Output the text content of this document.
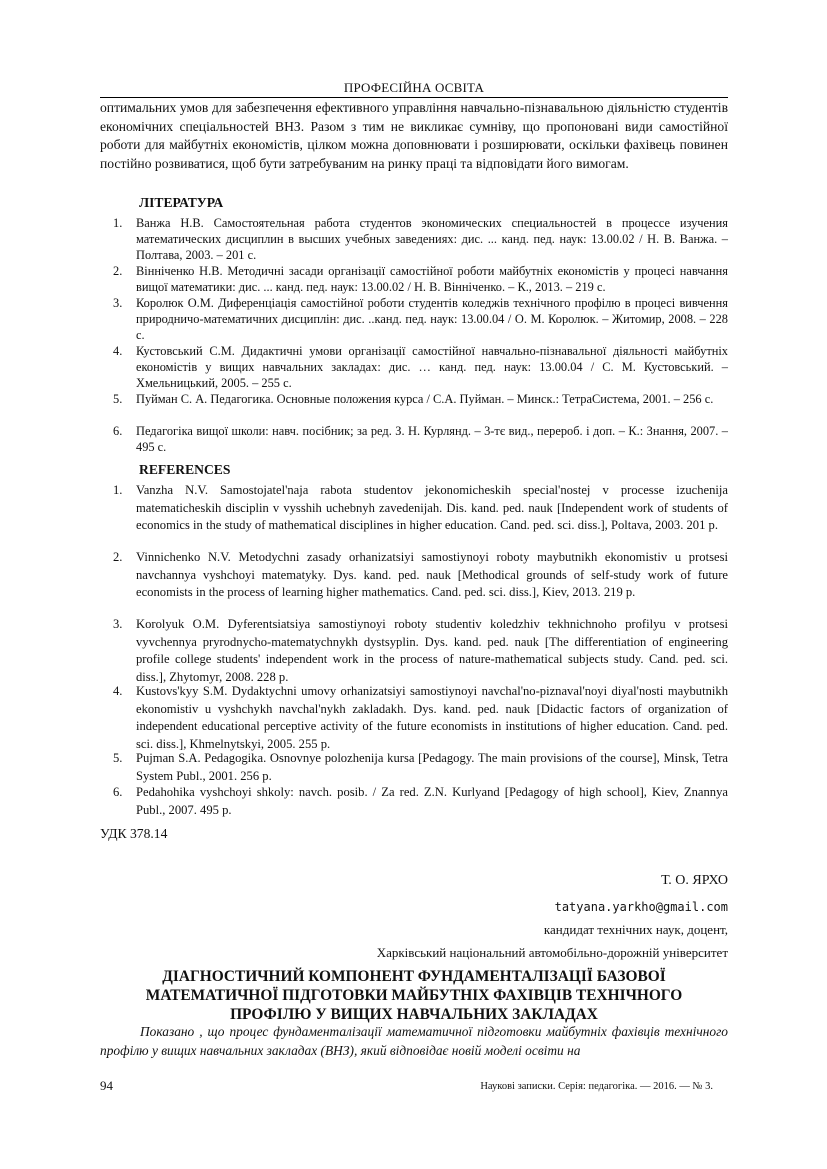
ПРОФЕСІЙНА ОСВІТА
оптимальних умов для забезпечення ефективного управління навчально-пізнавальною діяльністю студентів економічних спеціальностей ВНЗ. Разом з тим не викликає сумніву, що пропоновані види самостійної роботи для майбутніх економістів, цілком можна доповнювати і розширювати, оскільки фахівець повинен постійно розвиватися, щоб бути затребуваним на ринку праці та відповідати його вимогам.
ЛІТЕРАТУРА
1. Ванжа Н.В. Самостоятельная работа студентов экономических специальностей в процессе изучения математических дисциплин в высших учебных заведениях: дис. ... канд. пед. наук: 13.00.02 / Н. В. Ванжа. – Полтава, 2003. – 201 с.
2. Вінніченко Н.В. Методичні засади організації самостійної роботи майбутніх економістів у процесі навчання вищої математики: дис. ... канд. пед. наук: 13.00.02 / Н. В. Вінніченко. – К., 2013. – 219 с.
3. Королюк О.М. Диференціація самостійної роботи студентів коледжів технічного профілю в процесі вивчення природничо-математичних дисциплін: дис. ..канд. пед. наук: 13.00.04 / О. М. Королюк. – Житомир, 2008. – 228 с.
4. Кустовський С.М. Дидактичні умови організації самостійної навчально-пізнавальної діяльності майбутніх економістів у вищих навчальних закладах: дис. … канд. пед. наук: 13.00.04 / С. М. Кустовський. – Хмельницький, 2005. – 255 с.
5. Пуйман С. А. Педагогика. Основные положения курса / С.А. Пуйман. – Минск.: ТетраСистема, 2001. – 256 с.
6. Педагогіка вищої школи: навч. посібник; за ред. З. Н. Курлянд. – 3-тє вид., перероб. і доп. – К.: Знання, 2007. – 495 с.
REFERENCES
1. Vanzha N.V. Samostojatel'naja rabota studentov jekonomicheskih special'nostej v processe izuchenija matematicheskih disciplin v vysshih uchebnyh zavedenijah. Dis. kand. ped. nauk [Independent work of students of economics in the study of mathematical disciplines in higher education. Cand. ped. sci. diss.], Poltava, 2003. 201 p.
2. Vinnichenko N.V. Metodychni zasady orhanizatsiyi samostiynoyi roboty maybutnikh ekonomistiv u protsesi navchannya vyshchoyi matematyky. Dys. kand. ped. nauk [Methodical grounds of self-study work of future economists in the process of learning higher mathematics. Cand. ped. sci. diss.], Kiev, 2013. 219 p.
3. Korolyuk O.M. Dyferentsiatsiya samostiynoyi roboty studentiv koledzhiv tekhnichnoho profilyu v protsesi vyvchennya pryrodnycho-matematychnykh dystsyplin. Dys. kand. ped. nauk [The differentiation of engineering profile college students' independent work in the process of nature-mathematical subjects study. Cand. ped. sci. diss.], Zhytomyr, 2008. 228 p.
4. Kustovs'kyy S.M. Dydaktychni umovy orhanizatsiyi samostiynoyi navchal'no-piznaval'noyi diyal'nosti maybutnikh ekonomistiv u vyshchykh navchal'nykh zakladakh. Dys. kand. ped. nauk [Didactic factors of organization of independent educational perceptive activity of the future economists in institutions of higher education. Cand. ped. sci. diss.], Khmelnytskyi, 2005. 255 p.
5. Pujman S.A. Pedagogika. Osnovnye polozhenija kursa [Pedagogy. The main provisions of the course], Minsk, Tetra System Publ., 2001. 256 p.
6. Pedahohika vyshchoyi shkoly: navch. posib. / Za red. Z.N. Kurlyand [Pedagogy of high school], Kiev, Znannya Publ., 2007. 495 p.
УДК 378.14
Т. О. ЯРХО
tatyana.yarkho@gmail.com
кандидат технічних наук, доцент,
Харківський національний автомобільно-дорожній університет
ДІАГНОСТИЧНИЙ КОМПОНЕНТ ФУНДАМЕНТАЛІЗАЦІЇ БАЗОВОЇ
МАТЕМАТИЧНОЇ ПІДГОТОВКИ МАЙБУТНІХ ФАХІВЦІВ ТЕХНІЧНОГО
ПРОФІЛЮ У ВИЩИХ НАВЧАЛЬНИХ ЗАКЛАДАХ
Показано , що процес фундаменталізації математичної підготовки майбутніх фахівців технічного профілю у вищих навчальних закладах (ВНЗ), який відповідає новій моделі освіти на
94	Наукові записки. Серія: педагогіка. — 2016. — № 3.
